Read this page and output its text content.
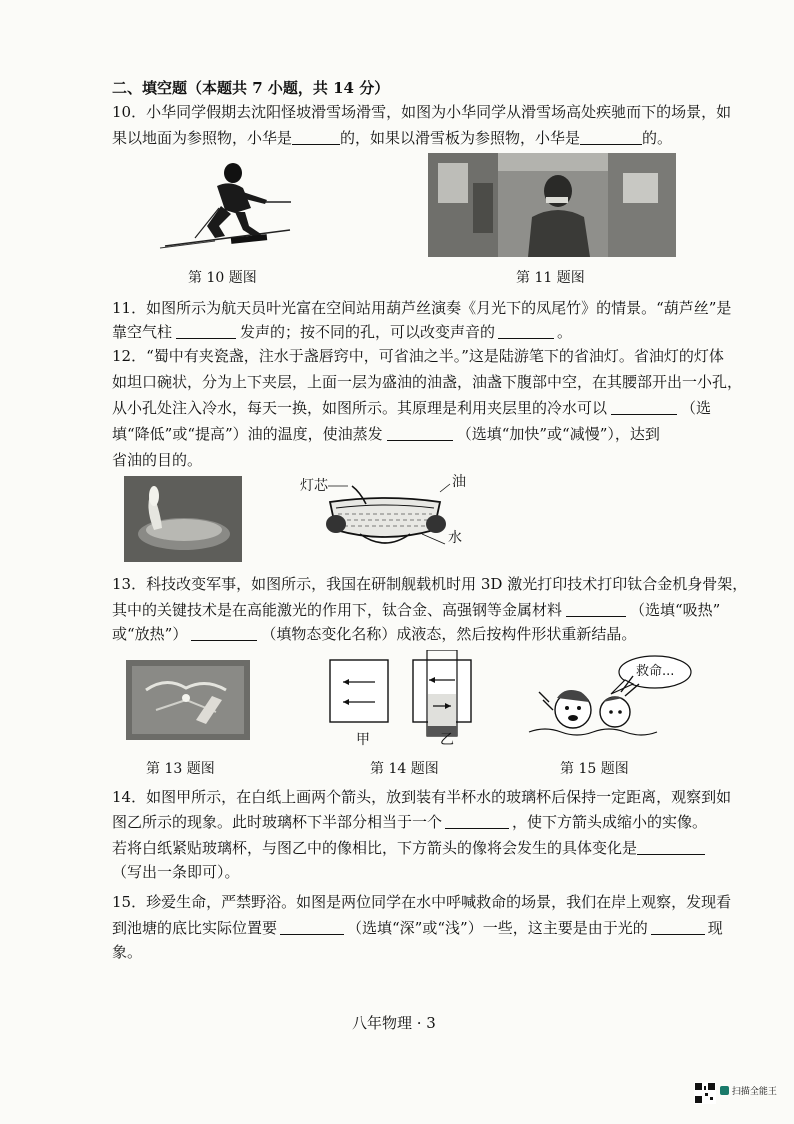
二、填空题（本题共 7 小题，共 14 分）
10．小华同学假期去沈阳怪坡滑雪场滑雪，如图为小华同学从滑雪场高处疾驰而下的场景，如
果以地面为参照物，小华是	的，如果以滑雪板为参照物，小华是	的。
第 10 题图	第 11 题图
11．如图所示为航天员叶光富在空间站用葫芦丝演奏《月光下的凤尾竹》的情景。“葫芦丝”是
靠空气柱	发声的；按不同的孔，可以改变声音的	。
12．“蜀中有夹瓷盏，注水于盏唇窍中，可省油之半。”这是陆游笔下的省油灯。省油灯的灯体
如坦口碗状，分为上下夹层，上面一层为盛油的油盏，油盏下腹部中空，在其腰部开出一小孔，
从小孔处注入冷水，每天一换，如图所示。其原理是利用夹层里的冷水可以	（选
填“降低”或“提高”）油的温度，使油蒸发	（选填“加快”或“减慢”），达到
省油的目的。
灯芯	油
水
13．科技改变军事，如图所示，我国在研制舰载机时用 3D 激光打印技术打印钛合金机身骨架，
其中的关键技术是在高能激光的作用下，钛合金、高强钢等金属材料	（选填“吸热”
或“放热”）	（填物态变化名称）成液态，然后按构件形状重新结晶。
甲	乙
救命...
第 13 题图	第 14 题图	第 15 题图
14．如图甲所示，在白纸上画两个箭头，放到装有半杯水的玻璃杯后保持一定距离，观察到如
图乙所示的现象。此时玻璃杯下半部分相当于一个	，使下方箭头成缩小的实像。
若将白纸紧贴玻璃杯，与图乙中的像相比，下方箭头的像将会发生的具体变化是
（写出一条即可）。
15．珍爱生命，严禁野浴。如图是两位同学在水中呼喊救命的场景，我们在岸上观察，发现看
到池塘的底比实际位置要	（选填“深”或“浅”）一些，这主要是由于光的	现
象。
八年物理 · 3
扫描全能王
